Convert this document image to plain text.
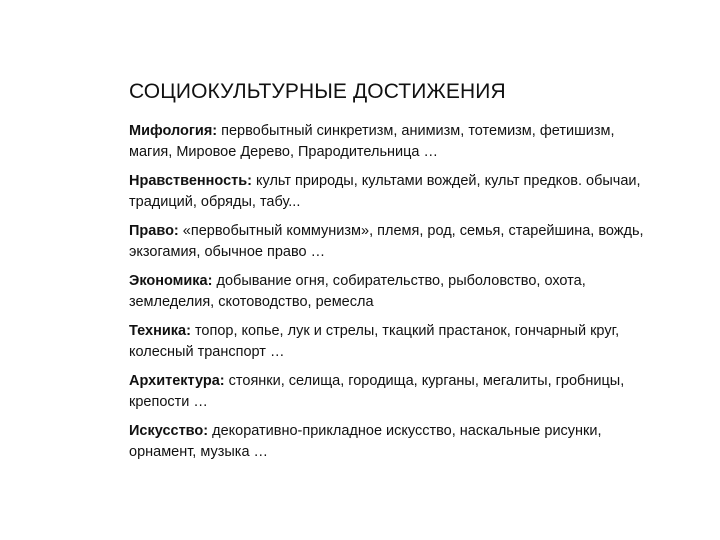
СОЦИОКУЛЬТУРНЫЕ ДОСТИЖЕНИЯ

Мифология: первобытный синкретизм, анимизм, тотемизм, фетишизм, магия, Мировое Дерево, Прародительница …

Нравственность: культ природы, культами вождей, культ предков. обычаи, традиций, обряды, табу...

Право: «первобытный коммунизм», племя, род, семья, старейшина, вождь, экзогамия, обычное право …

Экономика: добывание огня, собирательство, рыболовство, охота, земледелия, скотоводство, ремесла

Техника: топор, копье, лук и стрелы, ткацкий прастанок, гончарный круг, колесный транспорт …

Архитектура: стоянки, селища, городища, курганы, мегалиты, гробницы, крепости …

Искусство: декоративно-прикладное искусство, наскальные рисунки, орнамент, музыка …
